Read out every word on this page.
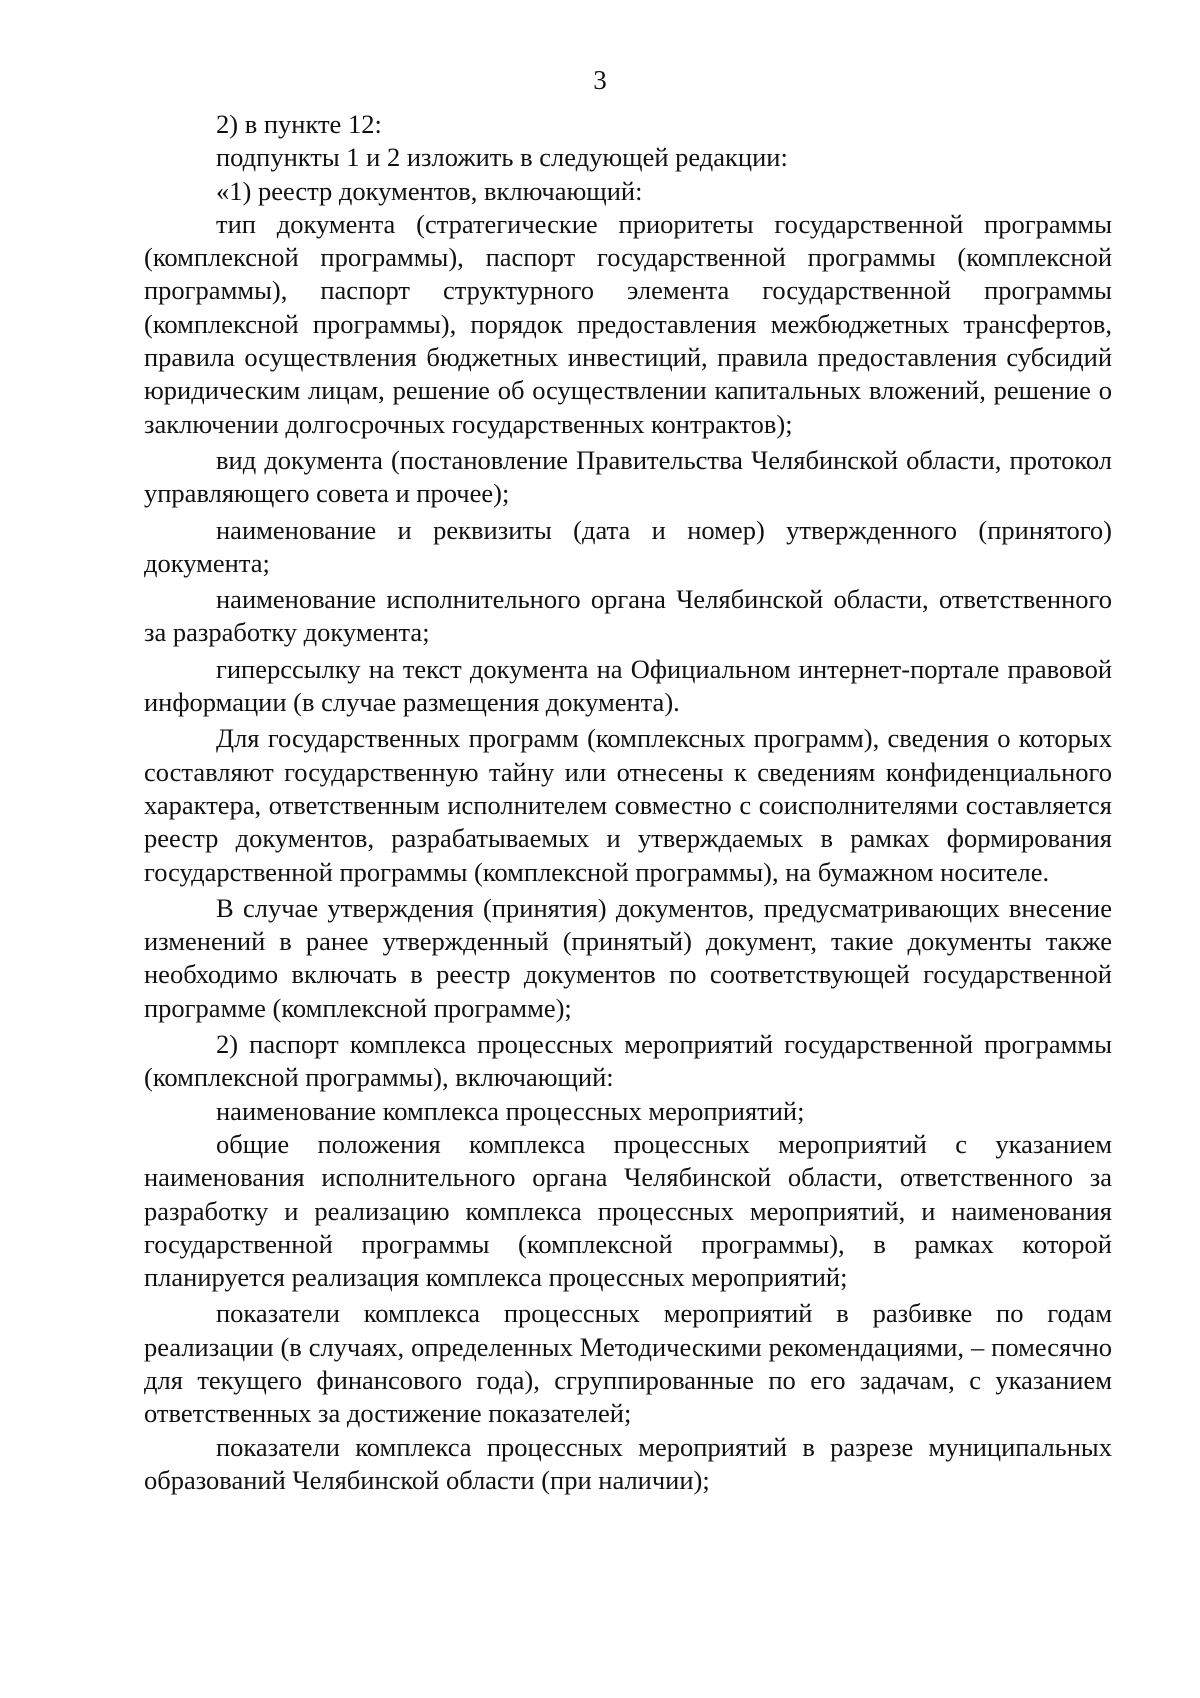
3

2) в пункте 12:

подпункты 1 и 2 изложить в следующей редакции:

«1) реестр документов, включающий:

тип документа (стратегические приоритеты государственной программы (комплексной программы), паспорт государственной программы (комплексной программы), паспорт структурного элемента государственной программы (комплексной программы), порядок предоставления межбюджетных трансфертов, правила осуществления бюджетных инвестиций, правила предоставления субсидий юридическим лицам, решение об осуществлении капитальных вложений, решение о заключении долгосрочных государственных контрактов);

вид документа (постановление Правительства Челябинской области, протокол управляющего совета и прочее);

наименование и реквизиты (дата и номер) утвержденного (принятого) документа;

наименование исполнительного органа Челябинской области, ответственного за разработку документа;

гиперссылку на текст документа на Официальном интернет-портале правовой информации (в случае размещения документа).

Для государственных программ (комплексных программ), сведения о которых составляют государственную тайну или отнесены к сведениям конфиденциального характера, ответственным исполнителем совместно с соисполнителями составляется реестр документов, разрабатываемых и утверждаемых в рамках формирования государственной программы (комплексной программы), на бумажном носителе.

В случае утверждения (принятия) документов, предусматривающих внесение изменений в ранее утвержденный (принятый) документ, такие документы также необходимо включать в реестр документов по соответствующей государственной программе (комплексной программе);

2) паспорт комплекса процессных мероприятий государственной программы (комплексной программы), включающий:

наименование комплекса процессных мероприятий;

общие положения комплекса процессных мероприятий с указанием наименования исполнительного органа Челябинской области, ответственного за разработку и реализацию комплекса процессных мероприятий, и наименования государственной программы (комплексной программы), в рамках которой планируется реализация комплекса процессных мероприятий;

показатели комплекса процессных мероприятий в разбивке по годам реализации (в случаях, определенных Методическими рекомендациями, – помесячно для текущего финансового года), сгруппированные по его задачам, с указанием ответственных за достижение показателей;

показатели комплекса процессных мероприятий в разрезе муниципальных образований Челябинской области (при наличии);
